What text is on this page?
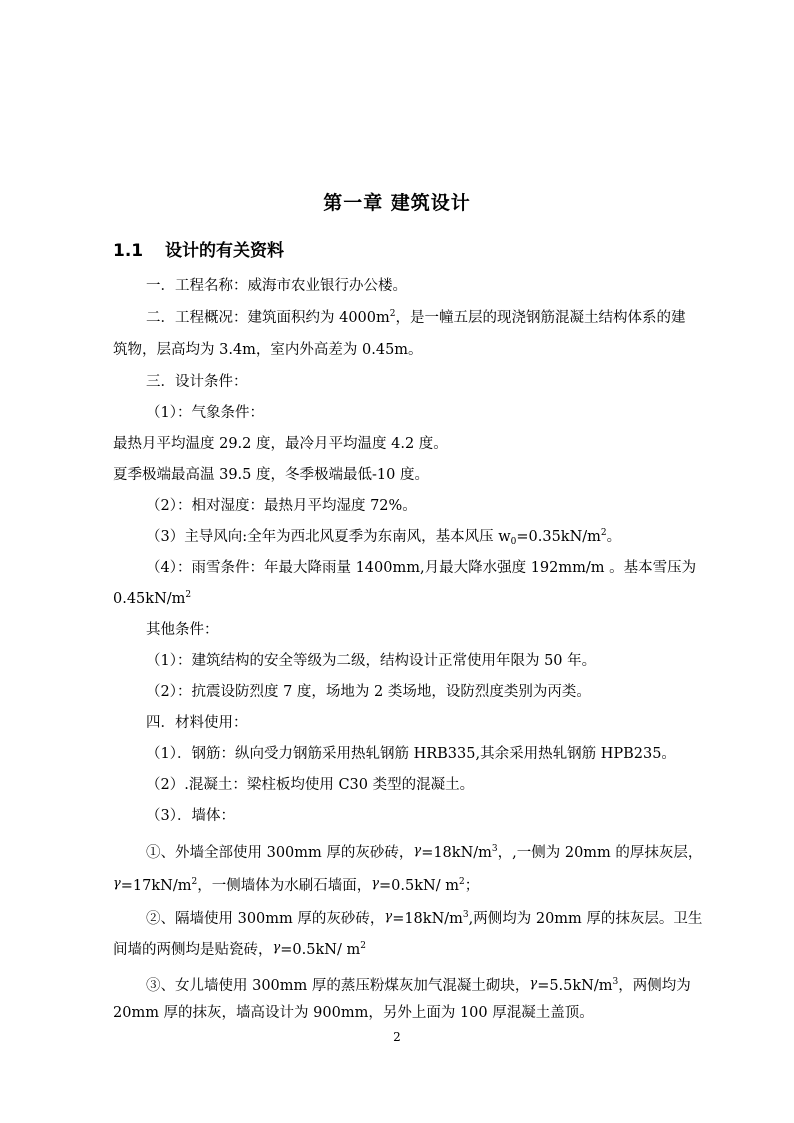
第一章 建筑设计
1.1 设计的有关资料
一．工程名称：威海市农业银行办公楼。
二．工程概况：建筑面积约为 $4000m^2$，是一幢五层的现浇钢筋混凝土结构体系的建
筑物，层高均为 3.4m，室内外高差为 0.45m。
三．设计条件：
（1）：气象条件：
最热月平均温度 29.2 度，最冷月平均温度 4.2 度。
夏季极端最高温 39.5 度，冬季极端最低-10 度。
（2）：相对湿度：最热月平均湿度 72%。
（3）主导风向:全年为西北风夏季为东南风，基本风压 $w_0=0.35kN/m^2$。
（4）：雨雪条件：年最大降雨量 1400mm,月最大降水强度 192mm/m 。基本雪压为
$0.45kN/m^2$
其他条件：
（1）：建筑结构的安全等级为二级，结构设计正常使用年限为 50 年。
（2）：抗震设防烈度 7 度，场地为 2 类场地，设防烈度类别为丙类。
四．材料使用：
（1）．钢筋：纵向受力钢筋采用热轧钢筋 HRB335,其余采用热轧钢筋 HPB235。
（2）.混凝土：梁柱板均使用 C30 类型的混凝土。
（3）．墙体：
①、外墙全部使用 300mm 厚的灰砂砖，$\gamma=18kN/m^3$，,一侧为 20mm 的厚抹灰层，
$\gamma=17kN/m^2$，一侧墙体为水刷石墙面，γ=0.5kN/ $m^2$；
②、隔墙使用 300mm 厚的灰砂砖，$\gamma=18kN/m^3$,两侧均为 20mm 厚的抹灰层。卫生
间墙的两侧均是贴瓷砖，γ=0.5kN/ $m^2$
③、女儿墙使用 300mm 厚的蒸压粉煤灰加气混凝土砌块，$\gamma=5.5kN/m^3$，两侧均为
20mm 厚的抹灰，墙高设计为 900mm，另外上面为 100 厚混凝土盖顶。
2
